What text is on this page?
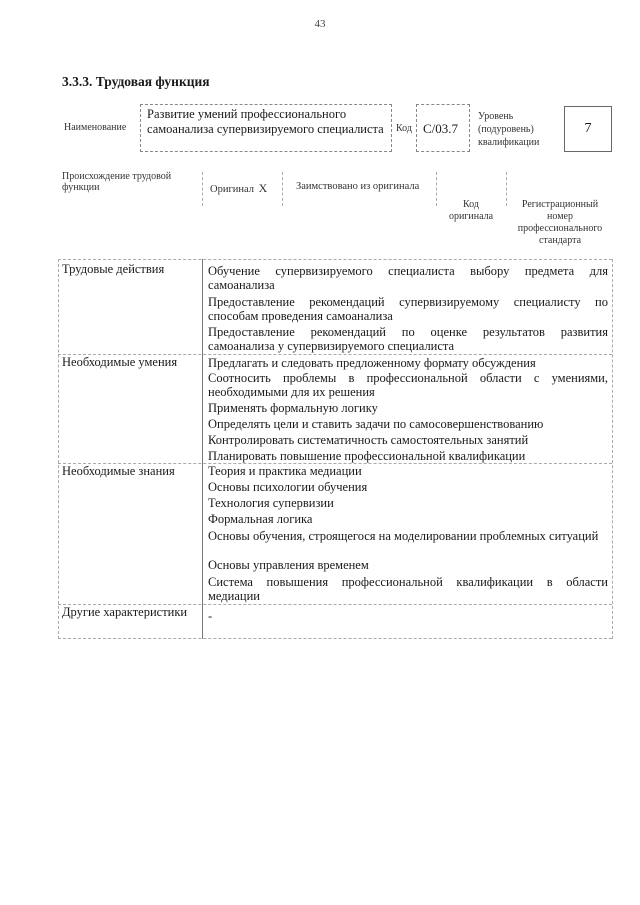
43
3.3.3. Трудовая функция
Наименование
Развитие умений профессионального самоанализа супервизируемого специалиста	Код C/03.7
Уровень (подуровень) квалификации
7
Происхождение трудовой функции	Оригинал X	Заимствовано из оригинала
Код оригинала
Регистрационный номер профессионального стандарта
Трудовые действия	Обучение супервизируемого специалиста выбору предмета для самоанализа
Предоставление рекомендаций супервизируемому специалисту по способам проведения самоанализа
Предоставление рекомендаций по оценке результатов развития самоанализа у супервизируемого специалиста
Необходимые умения Предлагать и следовать предложенному формату обсуждения
Соотносить проблемы в профессиональной области с умениями, необходимыми для их решения
Применять формальную логику
Определять цели и ставить задачи по самосовершенствованию
Контролировать систематичность самостоятельных занятий
Планировать повышение профессиональной квалификации
Необходимые знания	Теория и практика медиации
Основы психологии обучения
Технология супервизии
Формальная логика
Основы обучения, строящегося на моделировании проблемных ситуаций
Основы управления временем
Система повышения профессиональной квалификации в области медиации
Другие характеристики -
